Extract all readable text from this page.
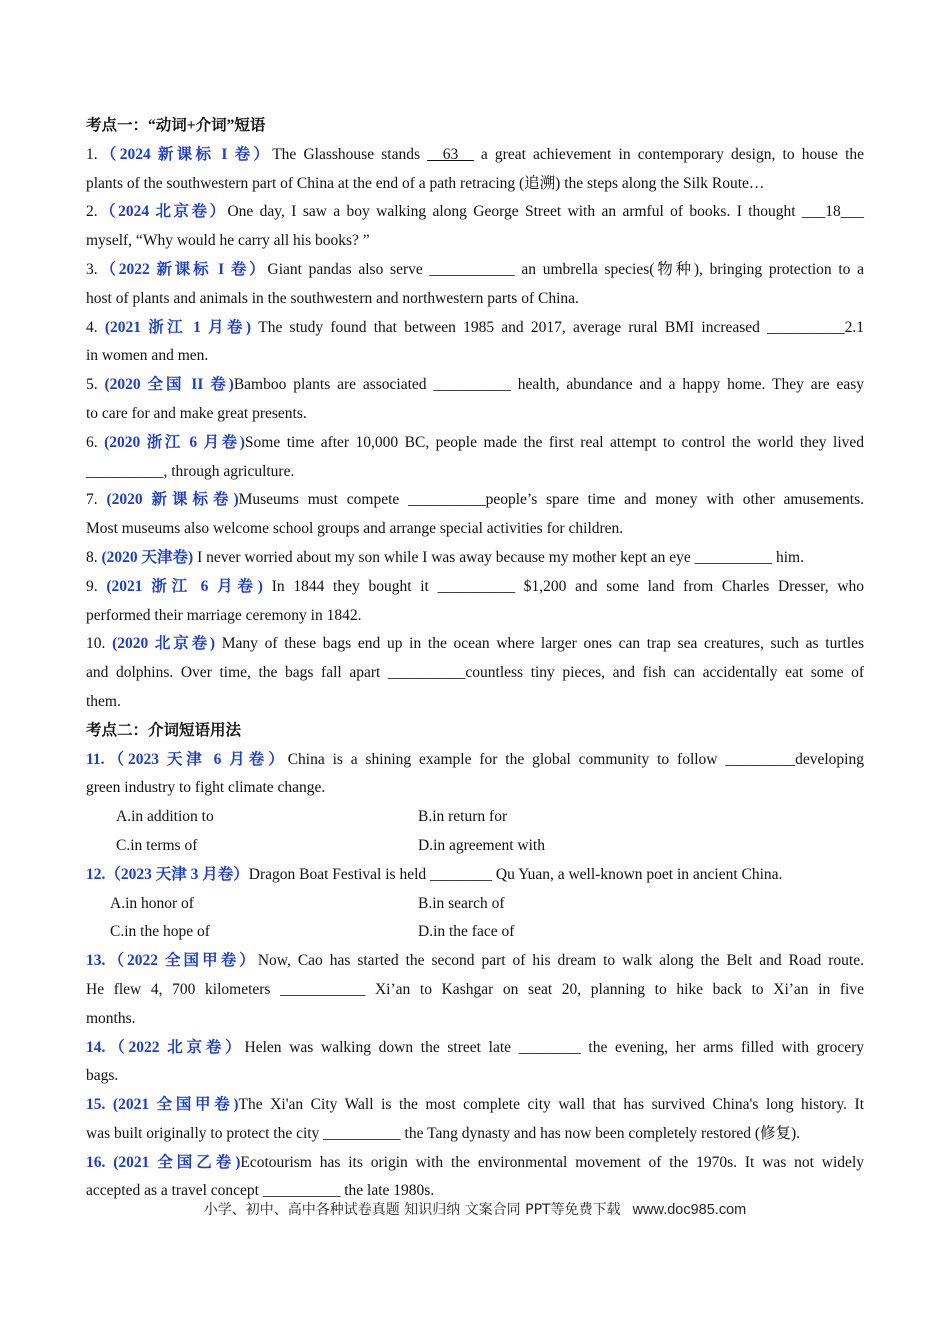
考点一：“动词+介词”短语
1.（2024 新课标 I 卷）The Glasshouse stands __63__ a great achievement in contemporary design, to house the
plants of the southwestern part of China at the end of a path retracing (追溯) the steps along the Silk Route…
2.（2024 北京卷）One day, I saw a boy walking along George Street with an armful of books. I thought ___18___
myself, “Why would he carry all his books? ”
3.（2022 新课标 I 卷）Giant pandas also serve ___________ an umbrella species(物种), bringing protection to a
host of plants and animals in the southwestern and northwestern parts of China.
4. (2021 浙江 1 月卷) The study found that between 1985 and 2017, average rural BMI increased __________2.1
in women and men.
5. (2020 全国 II 卷)Bamboo plants are associated __________ health, abundance and a happy home. They are easy
to care for and make great presents.
6. (2020 浙江 6 月卷)Some time after 10,000 BC, people made the first real attempt to control the world they lived
__________, through agriculture.
7. (2020 新课标卷)Museums must compete __________people’s spare time and money with other amusements.
Most museums also welcome school groups and arrange special activities for children.
8. (2020 天津卷) I never worried about my son while I was away because my mother kept an eye __________ him.
9. (2021 浙江 6 月卷) In 1844 they bought it __________ $1,200 and some land from Charles Dresser, who
performed their marriage ceremony in 1842.
10. (2020 北京卷) Many of these bags end up in the ocean where larger ones can trap sea creatures, such as turtles
and dolphins. Over time, the bags fall apart __________countless tiny pieces, and fish can accidentally eat some of
them.
考点二：介词短语用法
11.（2023 天津 6 月卷）China is a shining example for the global community to follow _________developing
green industry to fight climate change.
A.in addition to	B.in return for
C.in terms of	D.in agreement with
12.（2023 天津 3 月卷）Dragon Boat Festival is held ________ Qu Yuan, a well-known poet in ancient China.
A.in honor of	B.in search of
C.in the hope of	D.in the face of
13.（2022 全国甲卷）Now, Cao has started the second part of his dream to walk along the Belt and Road route.
He flew 4, 700 kilometers ___________ Xi’an to Kashgar on seat 20, planning to hike back to Xi’an in five
months.
14.（2022 北京卷）Helen was walking down the street late ________ the evening, her arms filled with grocery
bags.
15. (2021 全国甲卷)The Xi'an City Wall is the most complete city wall that has survived China's long history. It
was built originally to protect the city __________ the Tang dynasty and has now been completely restored (修复).
16. (2021 全国乙卷)Ecotourism has its origin with the environmental movement of the 1970s. It was not widely
accepted as a travel concept __________ the late 1980s.
小学、初中、高中各种试卷真题 知识归纳 文案合同 PPT等免费下载 www.doc985.com
